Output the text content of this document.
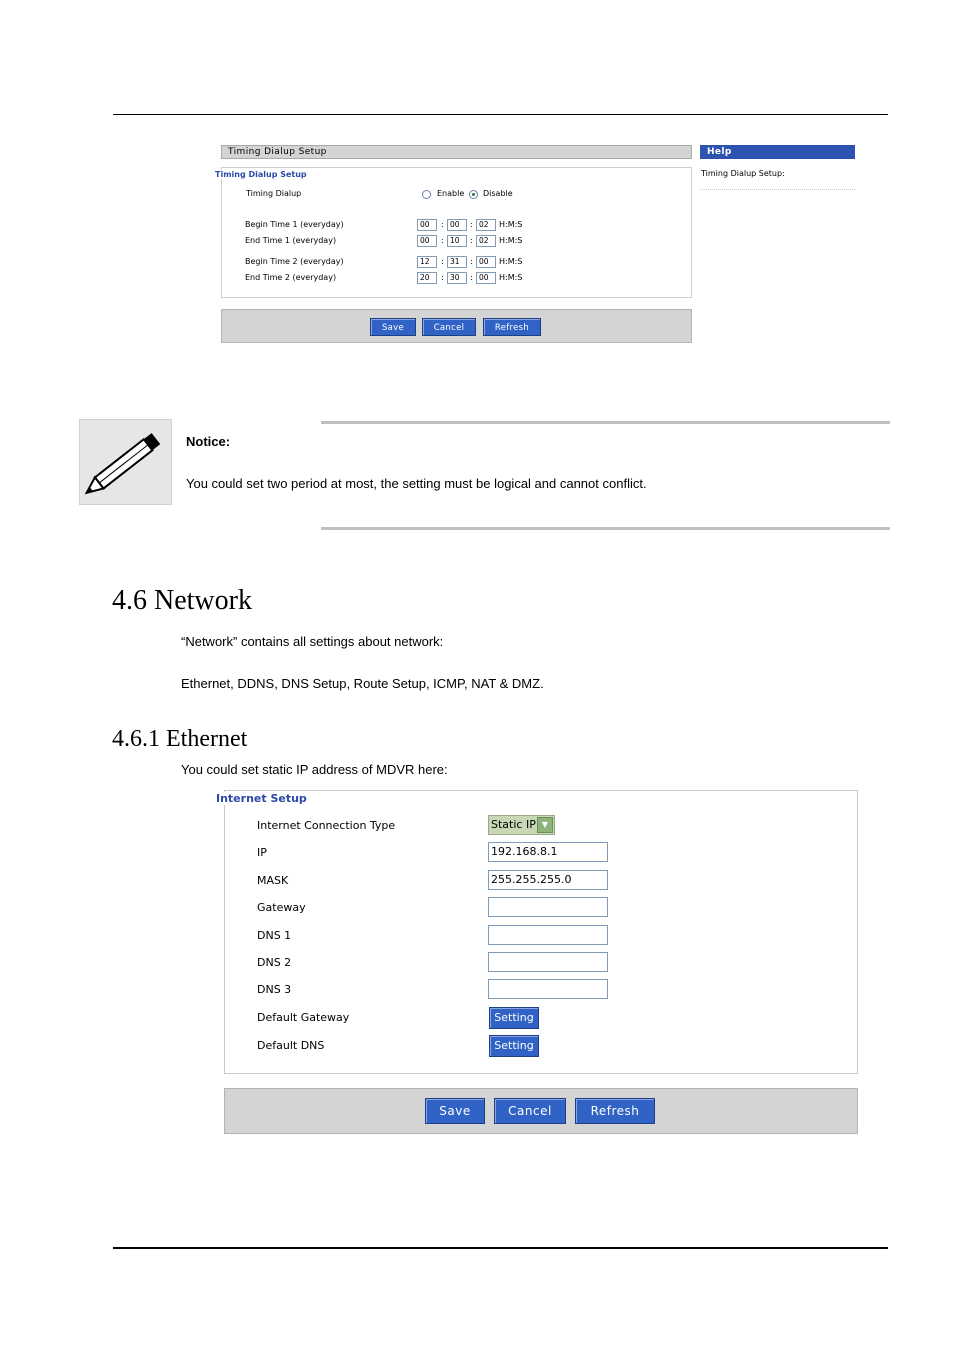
Timing Dialup Setup	Help
Timing Dialup Setup:
Timing Dialup Setup
Timing Dialup	Enable Disable
Begin Time 1 (everyday)	00	: 00	: 02	H:M:S
End Time 1 (everyday)	00	: 10	: 02	H:M:S
Begin Time 2 (everyday)	12	: 31	: 00	H:M:S
End Time 2 (everyday)	20	: 30	: 00	H:M:S
Save	Cancel	Refresh
Notice:
You could set two period at most, the setting must be logical and cannot conflict.
4.6 Network
“Network” contains all settings about network:
Ethernet, DDNS, DNS Setup, Route Setup, ICMP, NAT & DMZ.
4.6.1 Ethernet
You could set static IP address of MDVR here:
Internet Setup
Internet Connection Type	Static IP ▼
IP	192.168.8.1
MASK	255.255.255.0
Gateway
DNS 1
DNS 2
DNS 3
Default Gateway	Setting
Default DNS	Setting
Save	Cancel	Refresh
